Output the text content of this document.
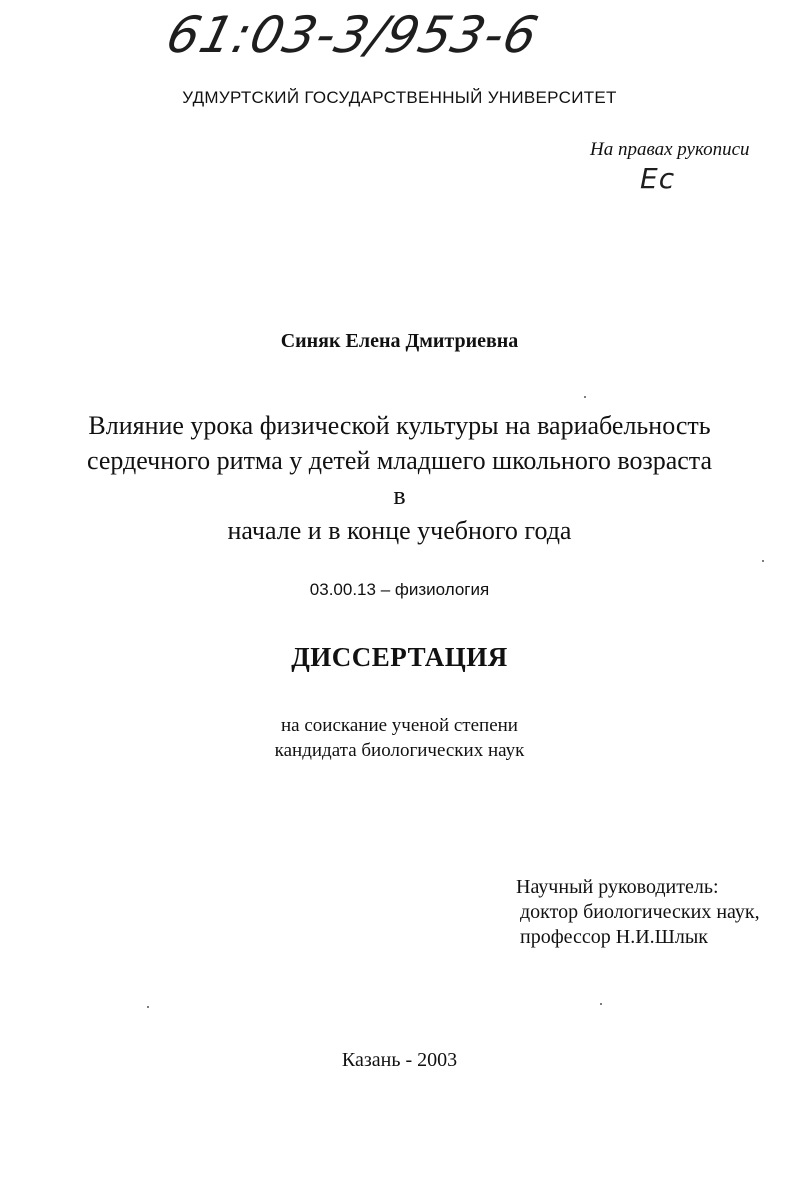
61:03-3/953-6
УДМУРТСКИЙ ГОСУДАРСТВЕННЫЙ УНИВЕРСИТЕТ
На правах рукописи
Ес
Синяк Елена Дмитриевна
Влияние урока физической культуры на вариабельность
сердечного ритма у детей младшего школьного возраста в
начале и в конце учебного года
03.00.13 – физиология
ДИССЕРТАЦИЯ
на соискание ученой степени
кандидата биологических наук
Научный руководитель:
доктор биологических наук,
профессор Н.И.Шлык
Казань - 2003
